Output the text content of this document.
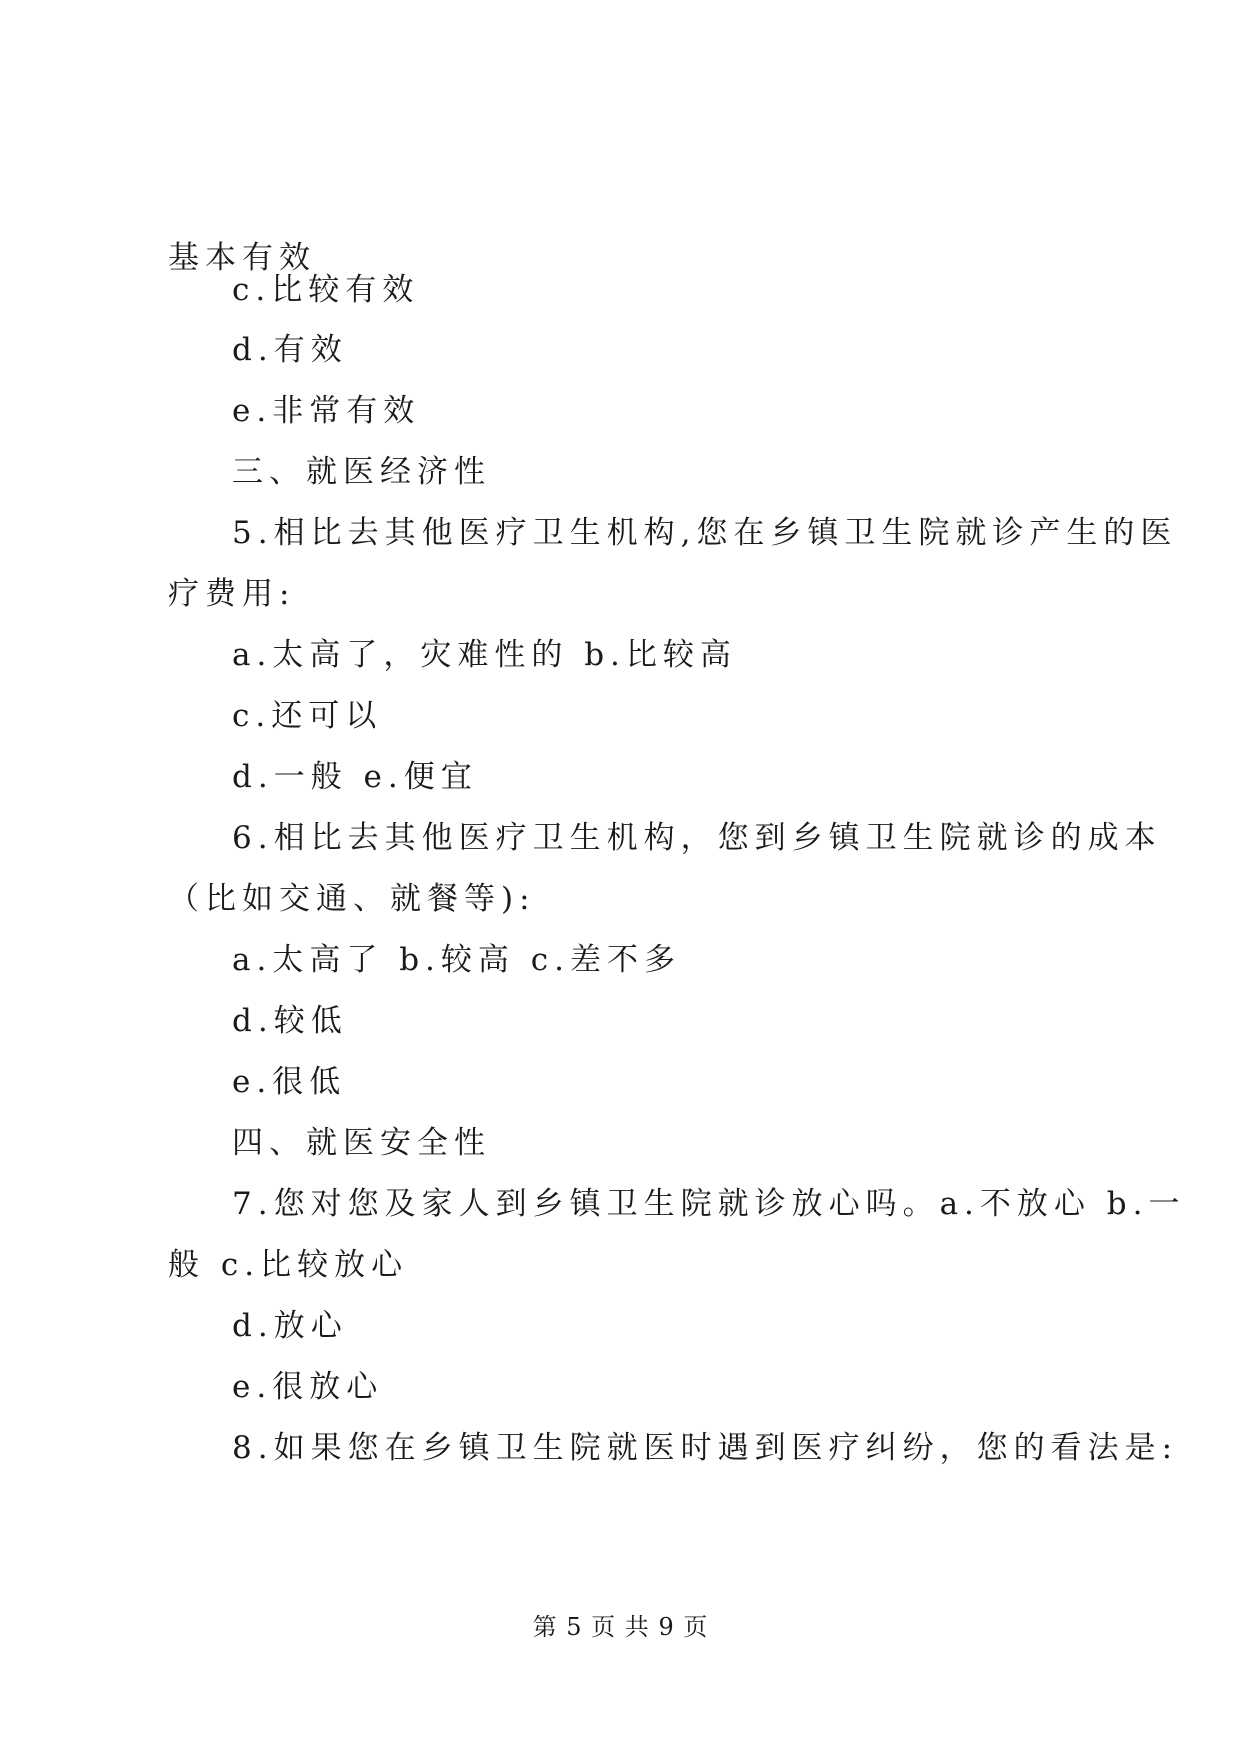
基本有效
c.比较有效
d.有效
e.非常有效
三、就医经济性
5.相比去其他医疗卫生机构,您在乡镇卫生院就诊产生的医
疗费用:
a.太高了，灾难性的 b.比较高
c.还可以
d.一般 e.便宜
6.相比去其他医疗卫生机构，您到乡镇卫生院就诊的成本
（比如交通、就餐等):
a.太高了 b.较高 c.差不多
d.较低
e.很低
四、就医安全性
7.您对您及家人到乡镇卫生院就诊放心吗。a.不放心 b.一
般 c.比较放心
d.放心
e.很放心
8.如果您在乡镇卫生院就医时遇到医疗纠纷，您的看法是:
第 5 页 共 9 页
